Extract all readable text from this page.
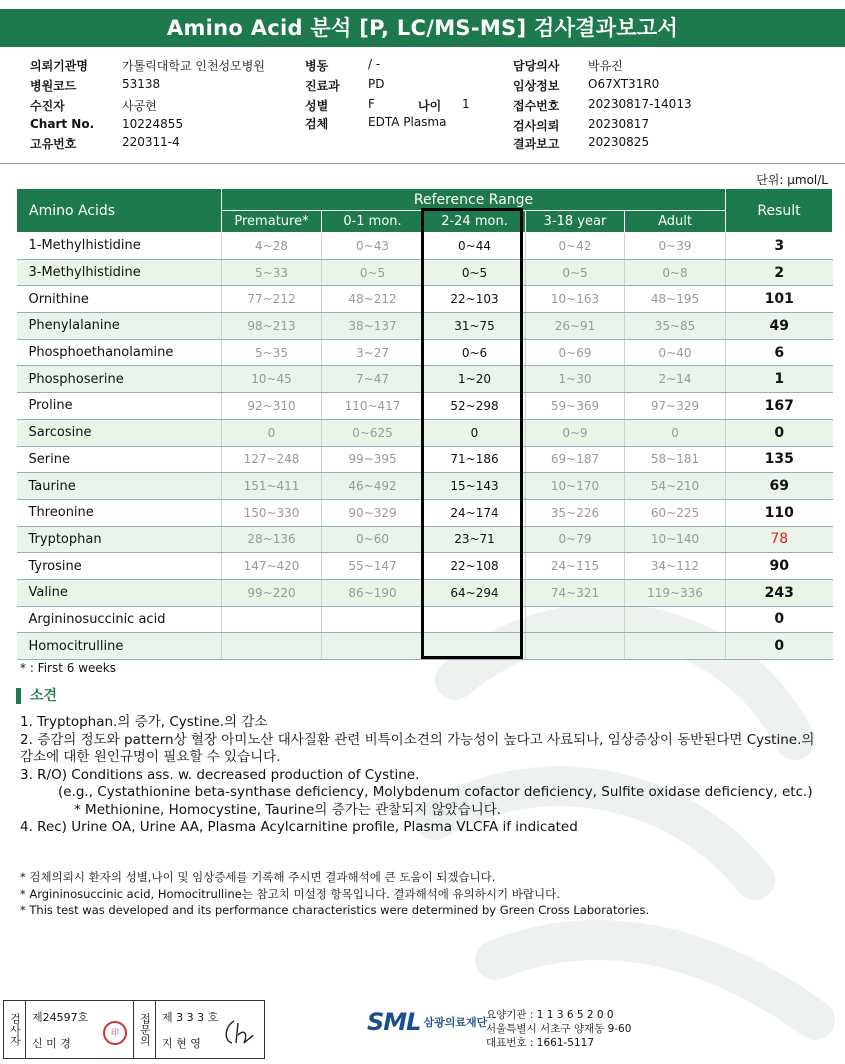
Amino Acid 분석 [P, LC/MS-MS] 검사결과보고서
의뢰기관명	가톨릭대학교 인천성모병원
병원코드	53138
수진자	사공현
Chart No. 10224855
고유번호	220311-4
병동	/ -
진료과 PD
성별	F	나이 1
검체	EDTA Plasma
담당의사 박유진
임상정보 O67XT31R0
접수번호 20230817-14013
검사의뢰 20230817
결과보고 20230825
단위: μmol/L
Amino Acids	Reference Range					Result
	Premature*	0-1 mon.	2-24 mon.	3-18 year	Adult	
1-Methylhistidine	4~28	0~43	0~44	0~42	0~39	3
3-Methylhistidine	5~33	0~5	0~5	0~5	0~8	2
Ornithine	77~212	48~212	22~103	10~163	48~195	101
Phenylalanine	98~213	38~137	31~75	26~91	35~85	49
Phosphoethanolamine	5~35	3~27	0~6	0~69	0~40	6
Phosphoserine	10~45	7~47	1~20	1~30	2~14	1
Proline	92~310	110~417	52~298	59~369	97~329	167
Sarcosine	0	0~625	0	0~9	0	0
Serine	127~248	99~395	71~186	69~187	58~181	135
Taurine	151~411	46~492	15~143	10~170	54~210	69
Threonine	150~330	90~329	24~174	35~226	60~225	110
Tryptophan	28~136	0~60	23~71	0~79	10~140	78
Tyrosine	147~420	55~147	22~108	24~115	34~112	90
Valine	99~220	86~190	64~294	74~321	119~336	243
Argininosuccinic acid						0
Homocitrulline						0
* : First 6 weeks
소견
1. Tryptophan.의 증가, Cystine.의 감소
2. 증감의 정도와 pattern상 혈장 아미노산 대사질환 관련 비특이소견의 가능성이 높다고 사료되나, 임상증상이 동반된다면 Cystine.의
감소에 대한 원인규명이 필요할 수 있습니다.
3. R/O) Conditions ass. w. decreased production of Cystine.
(e.g., Cystathionine beta-synthase deficiency, Molybdenum cofactor deficiency, Sulfite oxidase deficiency, etc.)
* Methionine, Homocystine, Taurine의 증가는 관찰되지 않았습니다.
4. Rec) Urine OA, Urine AA, Plasma Acylcarnitine profile, Plasma VLCFA if indicated
* 검체의뢰시 환자의 성별,나이 및 임상증세를 기록해 주시면 결과해석에 큰 도움이 되겠습니다.
* Argininosuccinic acid, Homocitrulline는 참고치 미설정 항목입니다. 결과해석에 유의하시기 바랍니다.
* This test was developed and its performance characteristics were determined by Green Cross Laboratories.
검사자 제24597호
신 미 경
印	접문의 제 3 3 3 호
지 현 영
SML 삼광의료재단
요양기관 : 1 1 3 6 5 2 0 0
서울특별시 서초구 양재동 9-60
대표번호 : 1661-5117
